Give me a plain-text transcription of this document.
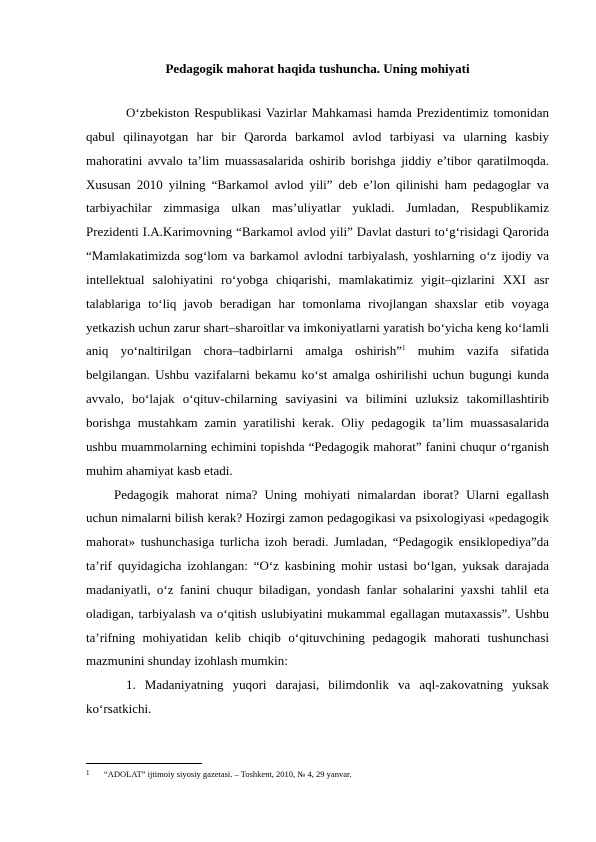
Pedagogik mahorat haqida tushuncha. Uning mohiyati

O‘zbekiston Respublikasi Vazirlar Mahkamasi hamda Prezidentimiz tomonidan qabul qilinayotgan har bir Qarorda barkamol avlod tarbiyasi va ularning kasbiy mahoratini avvalo ta’lim muassasalarida oshirib borishga jiddiy e’tibor qaratilmoqda. Xususan 2010 yilning “Barkamol avlod yili” deb e’lon qilinishi ham pedagoglar va tarbiyachilar zimmasiga ulkan mas’uliyatlar yukladi. Jumladan, Respublikamiz Prezidenti I.A.Karimovning “Barkamol avlod yili” Davlat dasturi to‘g‘risidagi Qarorida “Mamlakatimizda sog‘lom va barkamol avlodni tarbiyalash, yoshlarning o‘z ijodiy va intellektual salohiyatini ro‘yobga chiqarishi, mamlakatimiz yigit–qizlarini XXI asr talablariga to‘liq javob beradigan har tomonlama rivojlangan shaxslar etib voyaga yetkazish uchun zarur shart–sharoitlar va imkoniyatlarni yaratish bo‘yicha keng ko‘lamli aniq yo‘naltirilgan chora–tadbirlarni amalga oshirish”$^1$ muhim vazifa sifatida belgilangan. Ushbu vazifalarni bekamu ko‘st amalga oshirilishi uchun bugungi kunda avvalo, bo‘lajak o‘qituv-chilarning saviyasini va bilimini uzluksiz takomillashtirib borishga mustahkam zamin yaratilishi kerak. Oliy pedagogik ta’lim muassasalarida ushbu muammolarning echimini topishda “Pedagogik mahorat” fanini chuqur o‘rganish muhim ahamiyat kasb etadi.

Pedagogik mahorat nima? Uning mohiyati nimalardan iborat? Ularni egallash uchun nimalarni bilish kerak? Hozirgi zamon pedagogikasi va psixologiyasi «pedagogik mahorat» tushunchasiga turlicha izoh beradi. Jumladan, “Pedagogik ensiklopediya”da ta’rif quyidagicha izohlangan: “O‘z kasbining mohir ustasi bo‘lgan, yuksak darajada madaniyatli, o‘z fanini chuqur biladigan, yondash fanlar sohalarini yaxshi tahlil eta oladigan, tarbiyalash va o‘qitish uslubiyatini mukammal egallagan mutaxassis”. Ushbu ta’rifning mohiyatidan kelib chiqib o‘qituvchining pedagogik mahorati tushunchasi mazmunini shunday izohlash mumkin:

1. Madaniyatning yuqori darajasi, bilimdonlik va aql-zakovatning yuksak ko‘rsatkichi.

1 “ADOLAT” ijtimoiy siyosiy gazetasi. – Toshkent, 2010, № 4, 29 yanvar.
